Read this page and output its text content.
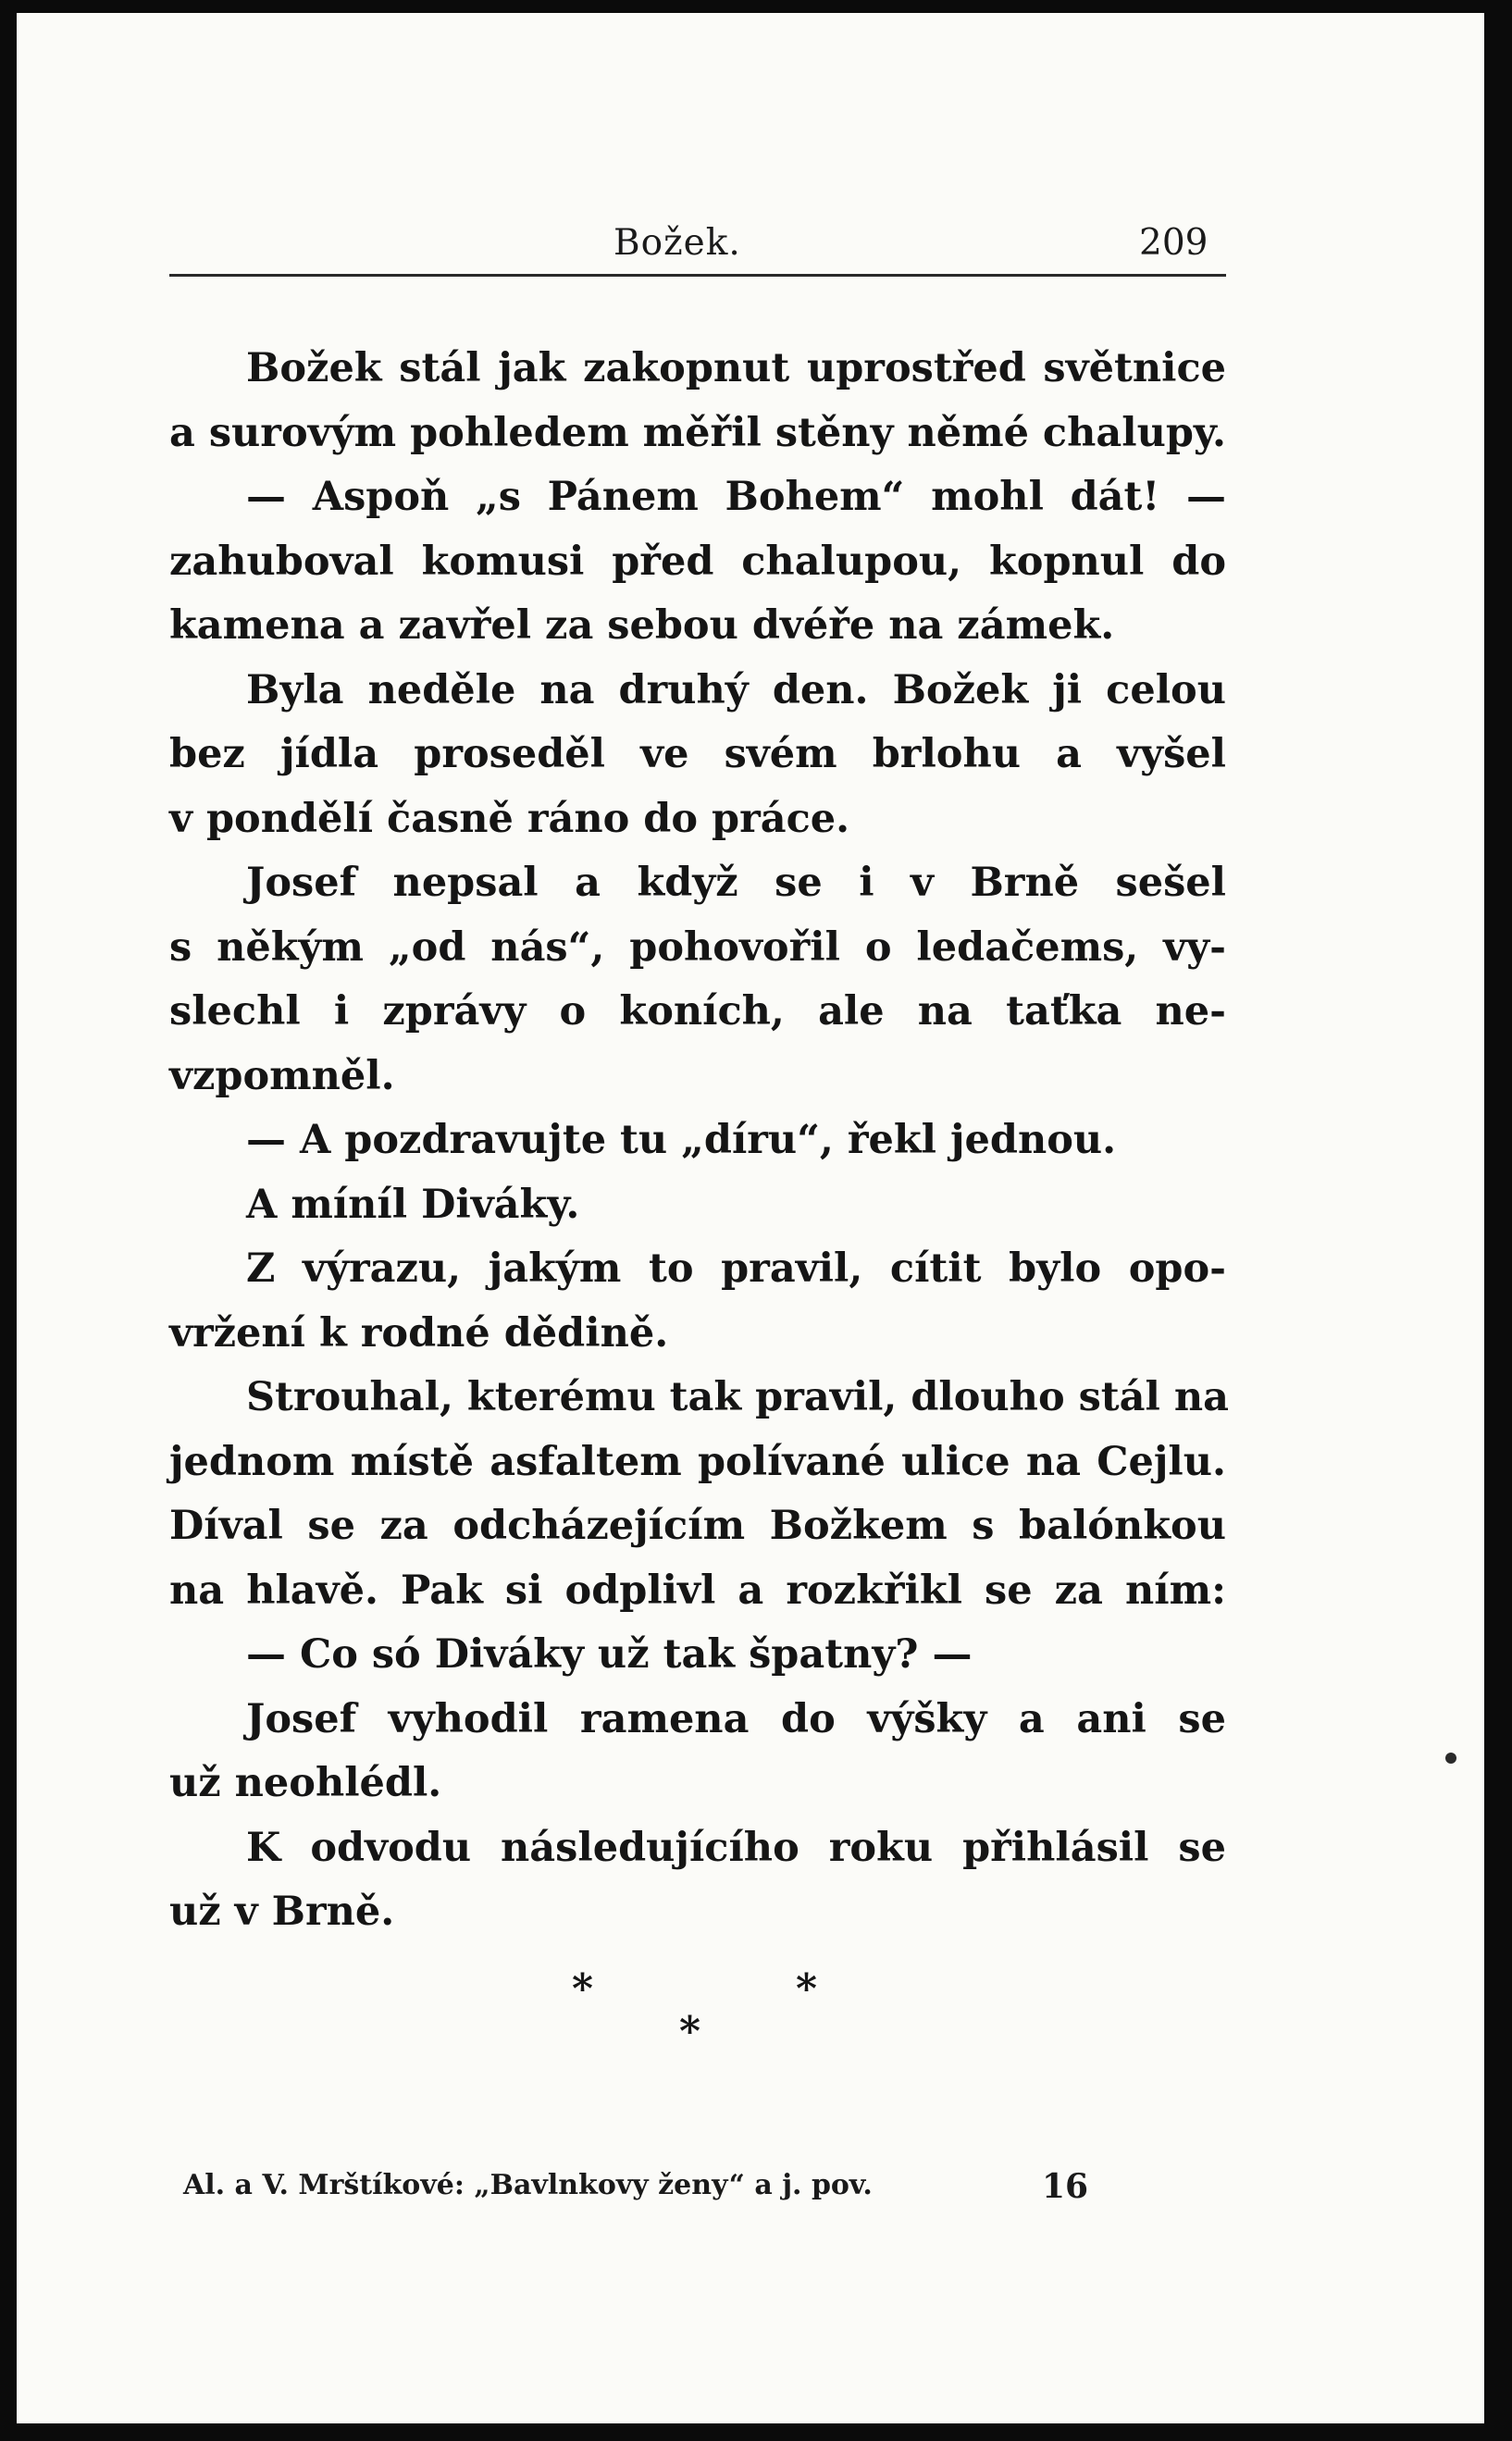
Božek.	209
Božek stál jak zakopnut uprostřed světnice
a surovým pohledem měřil stěny němé chalupy.
— Aspoň „s Pánem Bohem“ mohl dát! —
zahuboval komusi před chalupou, kopnul do
kamena a zavřel za sebou dvéře na zámek.
Byla neděle na druhý den. Božek ji celou
bez jídla proseděl ve svém brlohu a vyšel
v pondělí časně ráno do práce.
Josef nepsal a když se i v Brně sešel
s někým „od nás“, pohovořil o ledačems, vy-
slechl i zprávy o koních, ale na taťka ne-
vzpomněl.
— A pozdravujte tu „díru“, řekl jednou.
A míníl Diváky.
Z výrazu, jakým to pravil, cítit bylo opo-
vržení k rodné dědině.
Strouhal, kterému tak pravil, dlouho stál na
jednom místě asfaltem polívané ulice na Cejlu.
Díval se za odcházejícím Božkem s balónkou
na hlavě. Pak si odplivl a rozkřikl se za ním:
— Co só Diváky už tak špatny? —
Josef vyhodil ramena do výšky a ani se
už neohlédl.
K odvodu následujícího roku přihlásil se
už v Brně.
*	*
*
Al. a V. Mrštíkové: „Bavlnkovy ženy“ a j. pov.	16
